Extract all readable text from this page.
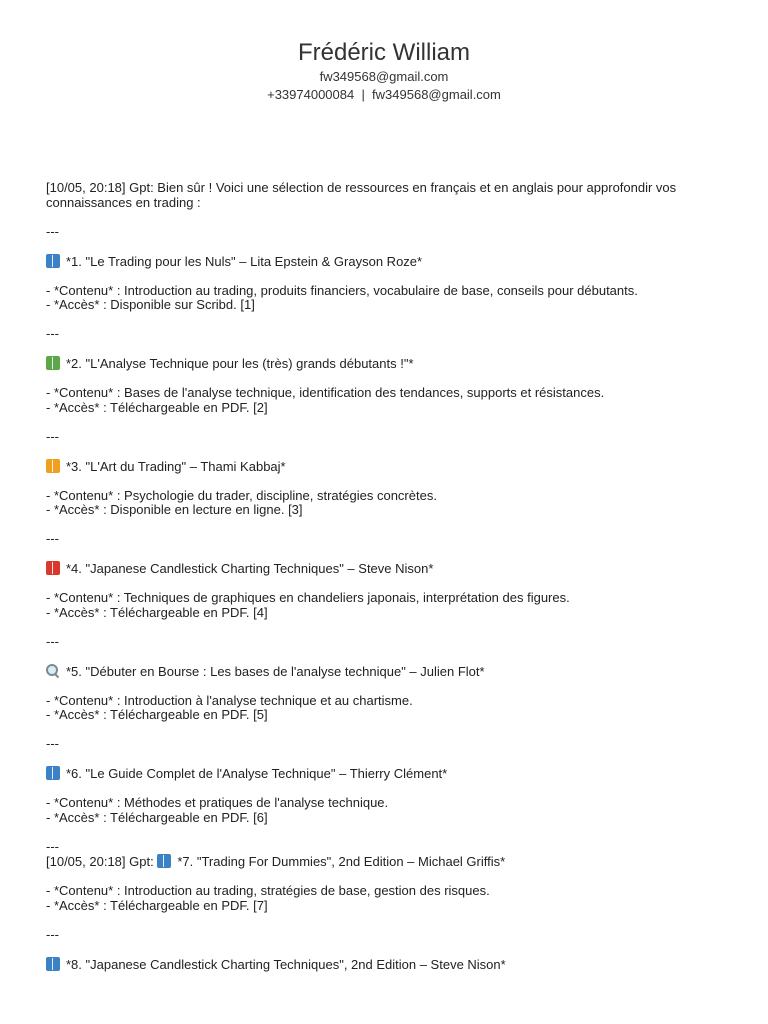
Frédéric William
fw349568@gmail.com
+33974000084  |  fw349568@gmail.com
[10/05, 20:18] Gpt: Bien sûr ! Voici une sélection de ressources en français et en anglais pour approfondir vos connaissances en trading :
---
*1. "Le Trading pour les Nuls" – Lita Epstein & Grayson Roze*
- *Contenu* : Introduction au trading, produits financiers, vocabulaire de base, conseils pour débutants.
- *Accès* : Disponible sur Scribd. [1]
---
*2. "L'Analyse Technique pour les (très) grands débutants !"*
- *Contenu* : Bases de l'analyse technique, identification des tendances, supports et résistances.
- *Accès* : Téléchargeable en PDF. [2]
---
*3. "L'Art du Trading" – Thami Kabbaj*
- *Contenu* : Psychologie du trader, discipline, stratégies concrètes.
- *Accès* : Disponible en lecture en ligne. [3]
---
*4. "Japanese Candlestick Charting Techniques" – Steve Nison*
- *Contenu* : Techniques de graphiques en chandeliers japonais, interprétation des figures.
- *Accès* : Téléchargeable en PDF. [4]
---
*5. "Débuter en Bourse : Les bases de l'analyse technique" – Julien Flot*
- *Contenu* : Introduction à l'analyse technique et au chartisme.
- *Accès* : Téléchargeable en PDF. [5]
---
*6. "Le Guide Complet de l'Analyse Technique" – Thierry Clément*
- *Contenu* : Méthodes et pratiques de l'analyse technique.
- *Accès* : Téléchargeable en PDF. [6]
---
[10/05, 20:18] Gpt: *7. "Trading For Dummies", 2nd Edition – Michael Griffis*
- *Contenu* : Introduction au trading, stratégies de base, gestion des risques.
- *Accès* : Téléchargeable en PDF. [7]
---
*8. "Japanese Candlestick Charting Techniques", 2nd Edition – Steve Nison*
